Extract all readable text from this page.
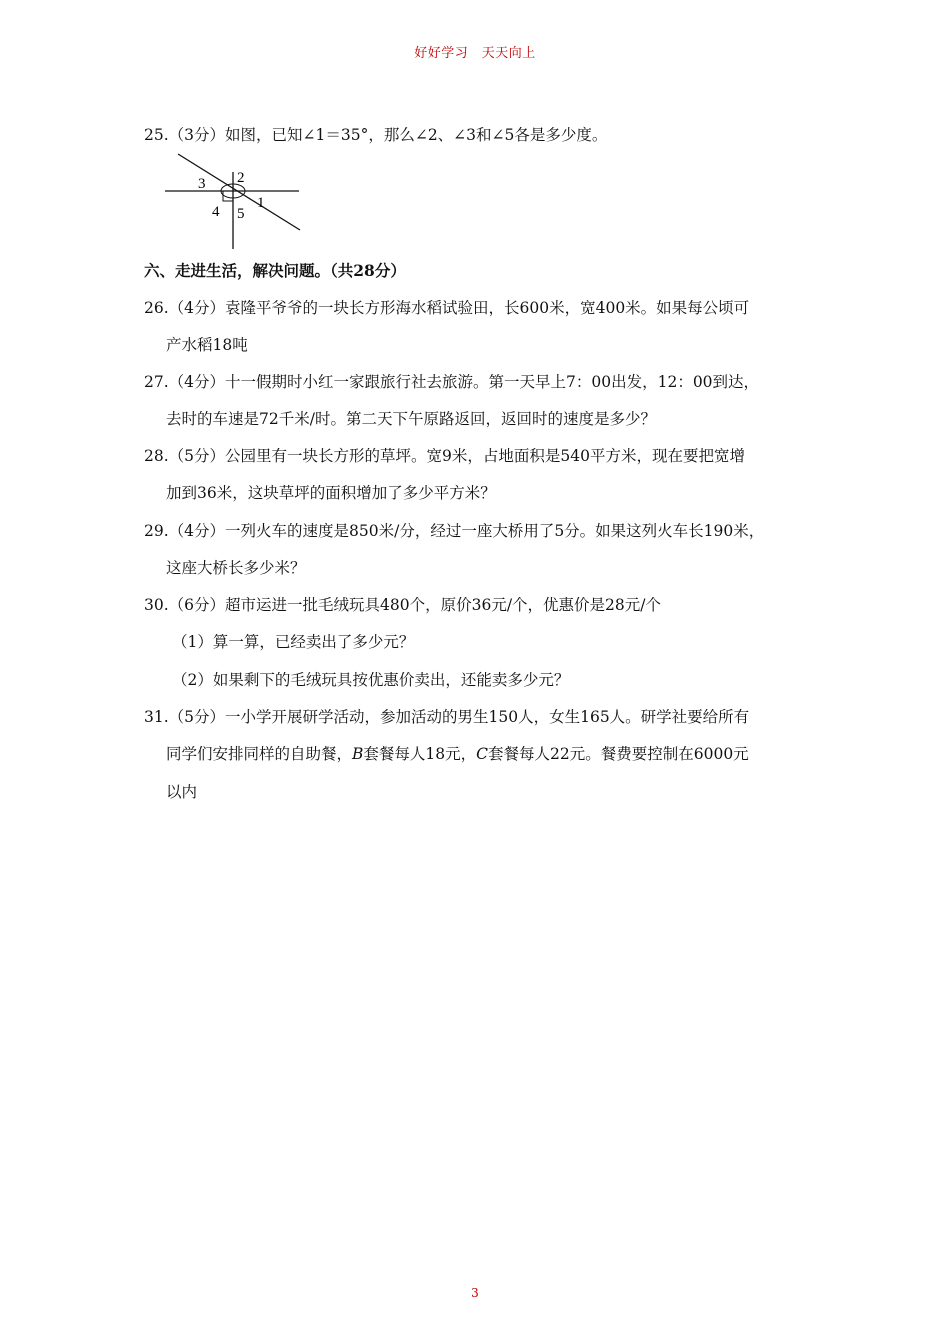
好好学习　天天向上
25.（3分）如图，已知∠1＝35°，那么∠2、∠3和∠5各是多少度。
3 2
1
4 5
六、走进生活，解决问题。（共28分）
26.（4分）袁隆平爷爷的一块长方形海水稻试验田，长600米，宽400米。如果每公顷可
产水稻18吨
27.（4分）十一假期时小红一家跟旅行社去旅游。第一天早上7：00出发，12：00到达，
去时的车速是72千米/时。第二天下午原路返回，返回时的速度是多少？
28.（5分）公园里有一块长方形的草坪。宽9米，占地面积是540平方米，现在要把宽增
加到36米，这块草坪的面积增加了多少平方米？
29.（4分）一列火车的速度是850米/分，经过一座大桥用了5分。如果这列火车长190米，
这座大桥长多少米？
30.（6分）超市运进一批毛绒玩具480个，原价36元/个，优惠价是28元/个
（1）算一算，已经卖出了多少元？
（2）如果剩下的毛绒玩具按优惠价卖出，还能卖多少元？
31.（5分）一小学开展研学活动，参加活动的男生150人，女生165人。研学社要给所有
同学们安排同样的自助餐，B套餐每人18元，C套餐每人22元。餐费要控制在6000元
以内
3
